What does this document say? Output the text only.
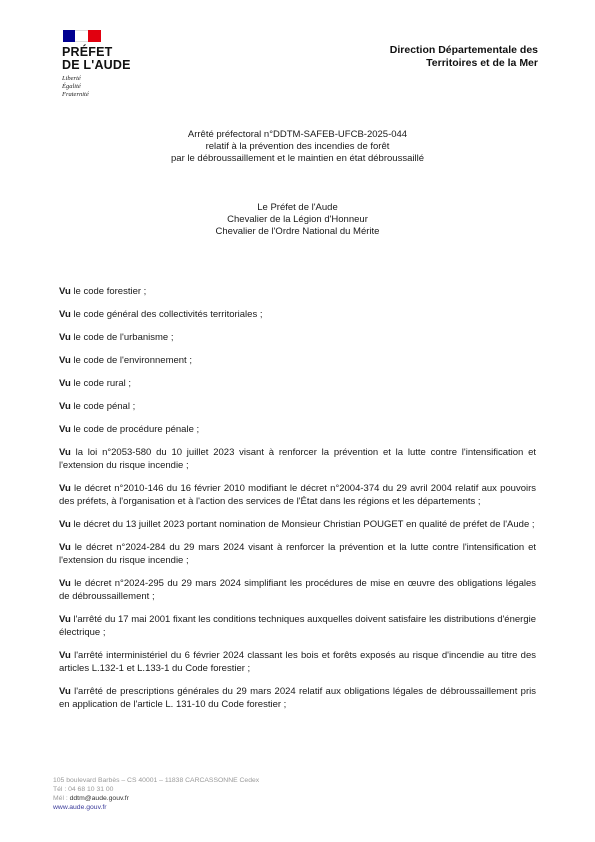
PRÉFET
DE L'AUDE
Liberté
Égalité
Fraternité
Direction Départementale des
Territoires et de la Mer
Arrêté préfectoral n°DDTM-SAFEB-UFCB-2025-044
relatif à la prévention des incendies de forêt
par le débroussaillement et le maintien en état débroussaillé
Le Préfet de l'Aude
Chevalier de la Légion d'Honneur
Chevalier de l'Ordre National du Mérite

Vu le code forestier ;

Vu le code général des collectivités territoriales ;

Vu le code de l'urbanisme ;

Vu le code de l'environnement ;

Vu le code rural ;

Vu le code pénal ;

Vu le code de procédure pénale ;

Vu la loi n°2053-580 du 10 juillet 2023 visant à renforcer la prévention et la lutte contre l'intensification et l'extension du risque incendie ;

Vu le décret n°2010-146 du 16 février 2010 modifiant le décret n°2004-374 du 29 avril 2004 relatif aux pouvoirs des préfets, à l'organisation et à l'action des services de l'État dans les régions et les départements ;

Vu le décret du 13 juillet 2023 portant nomination de Monsieur Christian POUGET en qualité de préfet de l'Aude ;

Vu le décret n°2024-284 du 29 mars 2024 visant à renforcer la prévention et la lutte contre l'intensification et l'extension du risque incendie ;

Vu le décret n°2024-295 du 29 mars 2024 simplifiant les procédures de mise en œuvre des obligations légales de débroussaillement ;

Vu l'arrêté du 17 mai 2001 fixant les conditions techniques auxquelles doivent satisfaire les distributions d'énergie électrique ;

Vu l'arrêté interministériel du 6 février 2024 classant les bois et forêts exposés au risque d'incendie au titre des articles L.132-1 et L.133-1 du Code forestier ;

Vu l'arrêté de prescriptions générales du 29 mars 2024 relatif aux obligations légales de débroussaillement pris en application de l'article L. 131-10 du Code forestier ;

105 boulevard Barbès – CS 40001 – 11838 CARCASSONNE Cedex
Tél : 04 68 10 31 00
Mél : ddtm@aude.gouv.fr
www.aude.gouv.fr
